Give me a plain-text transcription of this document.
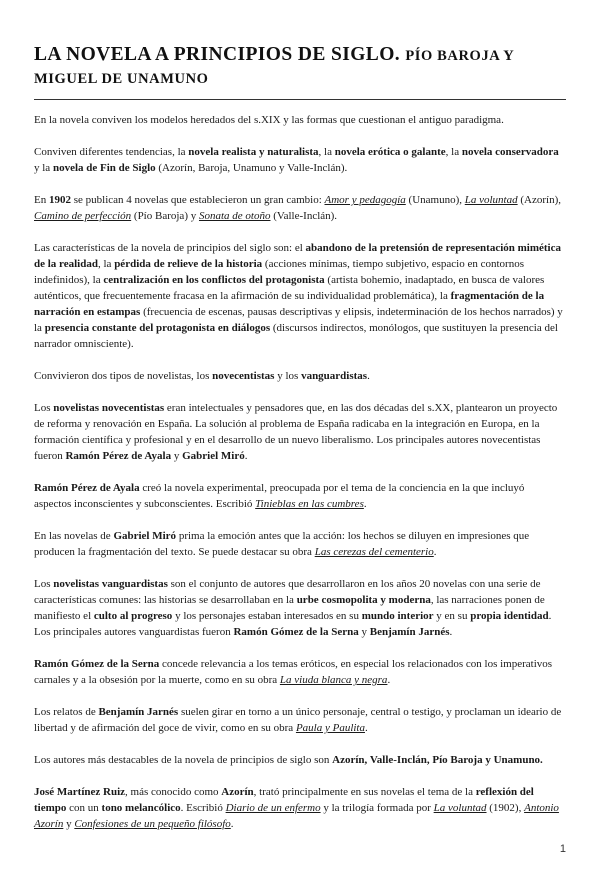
LA NOVELA A PRINCIPIOS DE SIGLO. PÍO BAROJA Y MIGUEL DE UNAMUNO

En la novela conviven los modelos heredados del s.XIX y las formas que cuestionan el antiguo paradigma.

Conviven diferentes tendencias, la novela realista y naturalista, la novela erótica o galante, la novela conservadora y la novela de Fin de Siglo (Azorín, Baroja, Unamuno y Valle-Inclán).

En 1902 se publican 4 novelas que establecieron un gran cambio: Amor y pedagogía (Unamuno), La voluntad (Azorín), Camino de perfección (Pío Baroja) y Sonata de otoño (Valle-Inclán).

Las características de la novela de principios del siglo son: el abandono de la pretensión de representación mimética de la realidad, la pérdida de relieve de la historia (acciones mínimas, tiempo subjetivo, espacio en contornos indefinidos), la centralización en los conflictos del protagonista (artista bohemio, inadaptado, en busca de valores auténticos, que frecuentemente fracasa en la afirmación de su individualidad problemática), la fragmentación de la narración en estampas (frecuencia de escenas, pausas descriptivas y elipsis, indeterminación de los hechos narrados) y la presencia constante del protagonista en diálogos (discursos indirectos, monólogos, que sustituyen la presencia del narrador omnisciente).

Convivieron dos tipos de novelistas, los novecentistas y los vanguardistas.

Los novelistas novecentistas eran intelectuales y pensadores que, en las dos décadas del s.XX, plantearon un proyecto de reforma y renovación en España. La solución al problema de España radicaba en la integración en Europa, en la formación científica y profesional y en el desarrollo de un nuevo liberalismo. Los principales autores novecentistas fueron Ramón Pérez de Ayala y Gabriel Miró.

Ramón Pérez de Ayala creó la novela experimental, preocupada por el tema de la conciencia en la que incluyó aspectos inconscientes y subconscientes. Escribió Tinieblas en las cumbres.

En las novelas de Gabriel Miró prima la emoción antes que la acción: los hechos se diluyen en impresiones que producen la fragmentación del texto. Se puede destacar su obra Las cerezas del cementerio.

Los novelistas vanguardistas son el conjunto de autores que desarrollaron en los años 20 novelas con una serie de características comunes: las historias se desarrollaban en la urbe cosmopolita y moderna, las narraciones ponen de manifiesto el culto al progreso y los personajes estaban interesados en su mundo interior y en su propia identidad. Los principales autores vanguardistas fueron Ramón Gómez de la Serna y Benjamín Jarnés.

Ramón Gómez de la Serna concede relevancia a los temas eróticos, en especial los relacionados con los imperativos carnales y a la obsesión por la muerte, como en su obra La viuda blanca y negra.

Los relatos de Benjamín Jarnés suelen girar en torno a un único personaje, central o testigo, y proclaman un ideario de libertad y de afirmación del goce de vivir, como en su obra Paula y Paulita.

Los autores más destacables de la novela de principios de siglo son Azorín, Valle-Inclán, Pío Baroja y Unamuno.

José Martínez Ruiz, más conocido como Azorín, trató principalmente en sus novelas el tema de la reflexión del tiempo con un tono melancólico. Escribió Diario de un enfermo y la trilogía formada por La voluntad (1902), Antonio Azorín y Confesiones de un pequeño filósofo.

1
